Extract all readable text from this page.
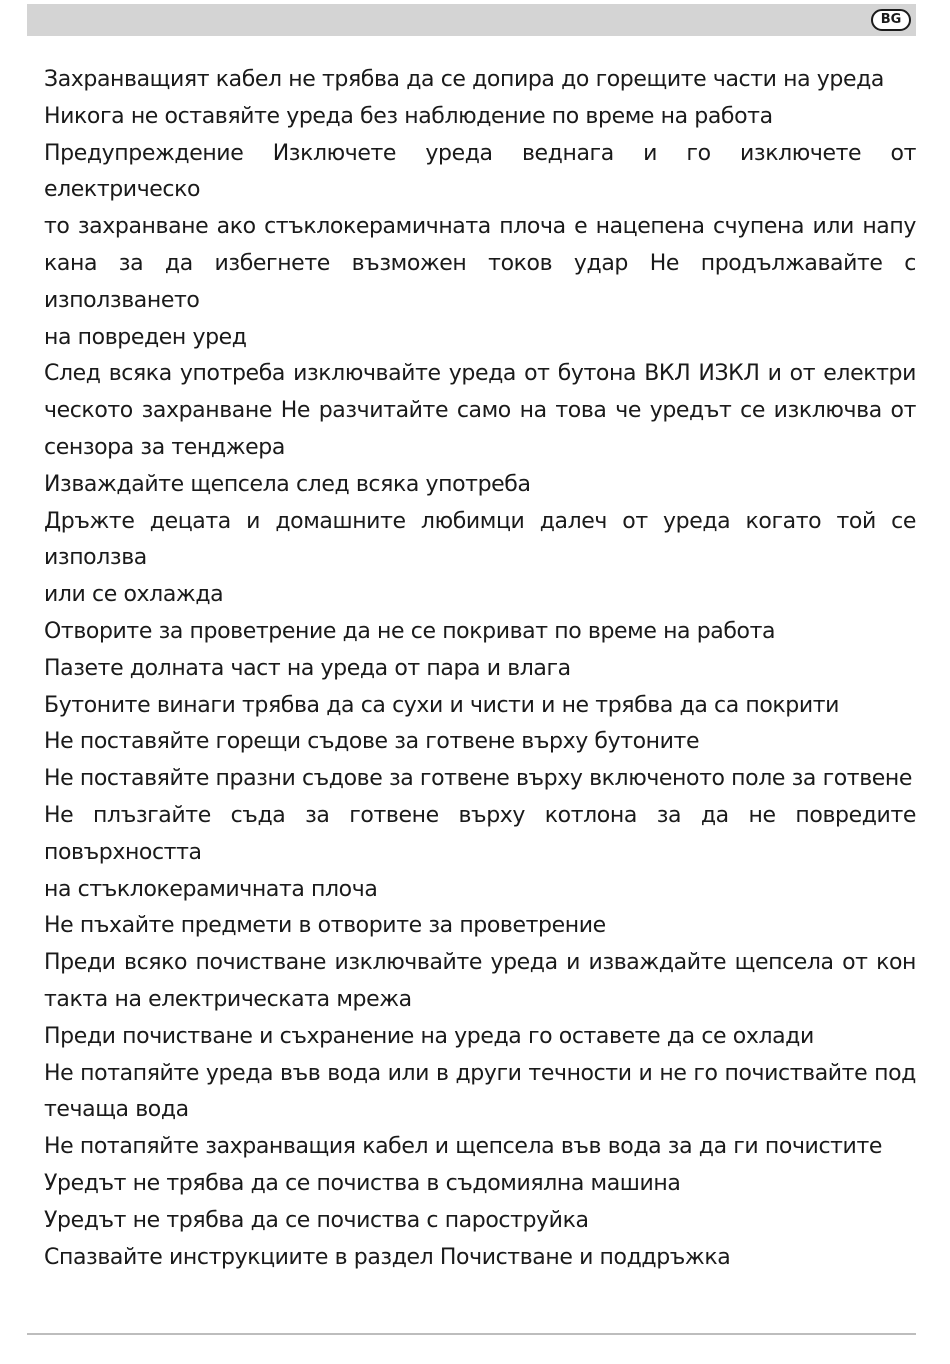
BG
Захранващият кабел не трябва да се допира до горещите части на уреда
Никога не оставяйте уреда без наблюдение по време на работа
Предупреждение Изключете уреда веднага и го изключете от електрическо
то захранване ако стъклокерамичната плоча е нацепена счупена или напу
кана за да избегнете възможен токов удар Не продължавайте с използването
на повреден уред
След всяка употреба изключвайте уреда от бутона ВКЛ ИЗКЛ и от електри
ческото захранване Не разчитайте само на това че уредът се изключва от
сензора за тенджера
Изваждайте щепсела след всяка употреба
Дръжте децата и домашните любимци далеч от уреда когато той се използва
или се охлажда
Отворите за проветрение да не се покриват по време на работа
Пазете долната част на уреда от пара и влага
Бутоните винаги трябва да са сухи и чисти и не трябва да са покрити
Не поставяйте горещи съдове за готвене върху бутоните
Не поставяйте празни съдове за готвене върху включеното поле за готвене
Не плъзгайте съда за готвене върху котлона за да не повредите повърхността
на стъклокерамичната плоча
Не пъхайте предмети в отворите за проветрение
Преди всяко почистване изключвайте уреда и изваждайте щепсела от кон
такта на електрическата мрежа
Преди почистване и съхранение на уреда го оставете да се охлади
Не потапяйте уреда във вода или в други течности и не го почиствайте под
течаща вода
Не потапяйте захранващия кабел и щепсела във вода за да ги почистите
Уредът не трябва да се почиства в съдомиялна машина
Уредът не трябва да се почиства с пароструйка
Спазвайте инструкциите в раздел Почистване и поддръжка
